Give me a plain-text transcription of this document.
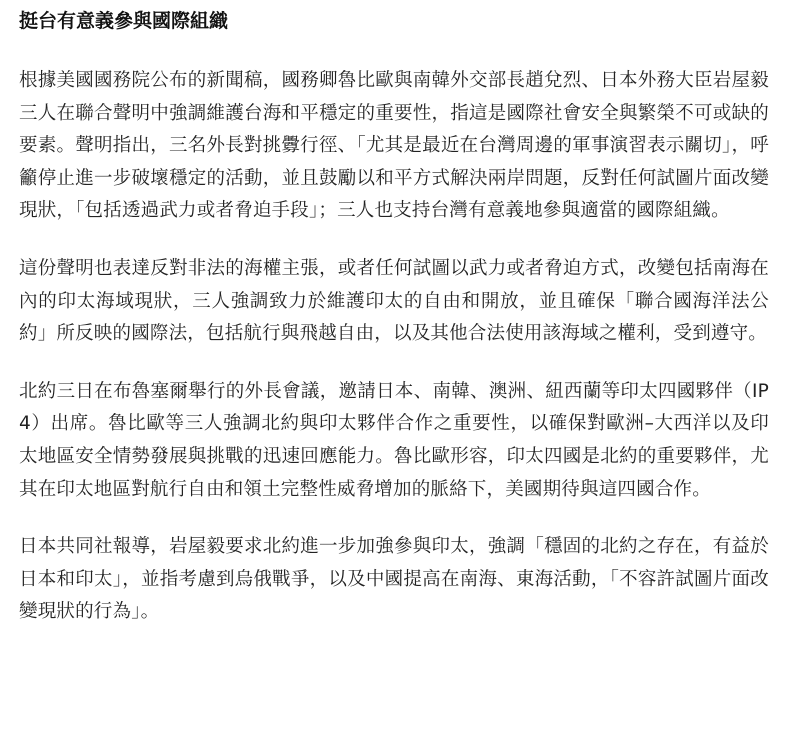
挺台有意義參與國際組織

根據美國國務院公布的新聞稿，國務卿魯比歐與南韓外交部長趙兌烈、日本外務大臣岩屋毅三人在聯合聲明中強調維護台海和平穩定的重要性，指這是國際社會安全與繁榮不可或缺的要素。聲明指出，三名外長對挑釁行徑、「尤其是最近在台灣周邊的軍事演習表示關切」，呼籲停止進一步破壞穩定的活動，並且鼓勵以和平方式解決兩岸問題，反對任何試圖片面改變現狀，「包括透過武力或者脅迫手段」；三人也支持台灣有意義地參與適當的國際組織。

這份聲明也表達反對非法的海權主張，或者任何試圖以武力或者脅迫方式，改變包括南海在內的印太海域現狀，三人強調致力於維護印太的自由和開放，並且確保「聯合國海洋法公約」所反映的國際法，包括航行與飛越自由，以及其他合法使用該海域之權利，受到遵守。

北約三日在布魯塞爾舉行的外長會議，邀請日本、南韓、澳洲、紐西蘭等印太四國夥伴（IP4）出席。魯比歐等三人強調北約與印太夥伴合作之重要性，以確保對歐洲–大西洋以及印太地區安全情勢發展與挑戰的迅速回應能力。魯比歐形容，印太四國是北約的重要夥伴，尤其在印太地區對航行自由和領土完整性威脅增加的脈絡下，美國期待與這四國合作。

日本共同社報導，岩屋毅要求北約進一步加強參與印太，強調「穩固的北約之存在，有益於日本和印太」，並指考慮到烏俄戰爭，以及中國提高在南海、東海活動，「不容許試圖片面改變現狀的行為」。
